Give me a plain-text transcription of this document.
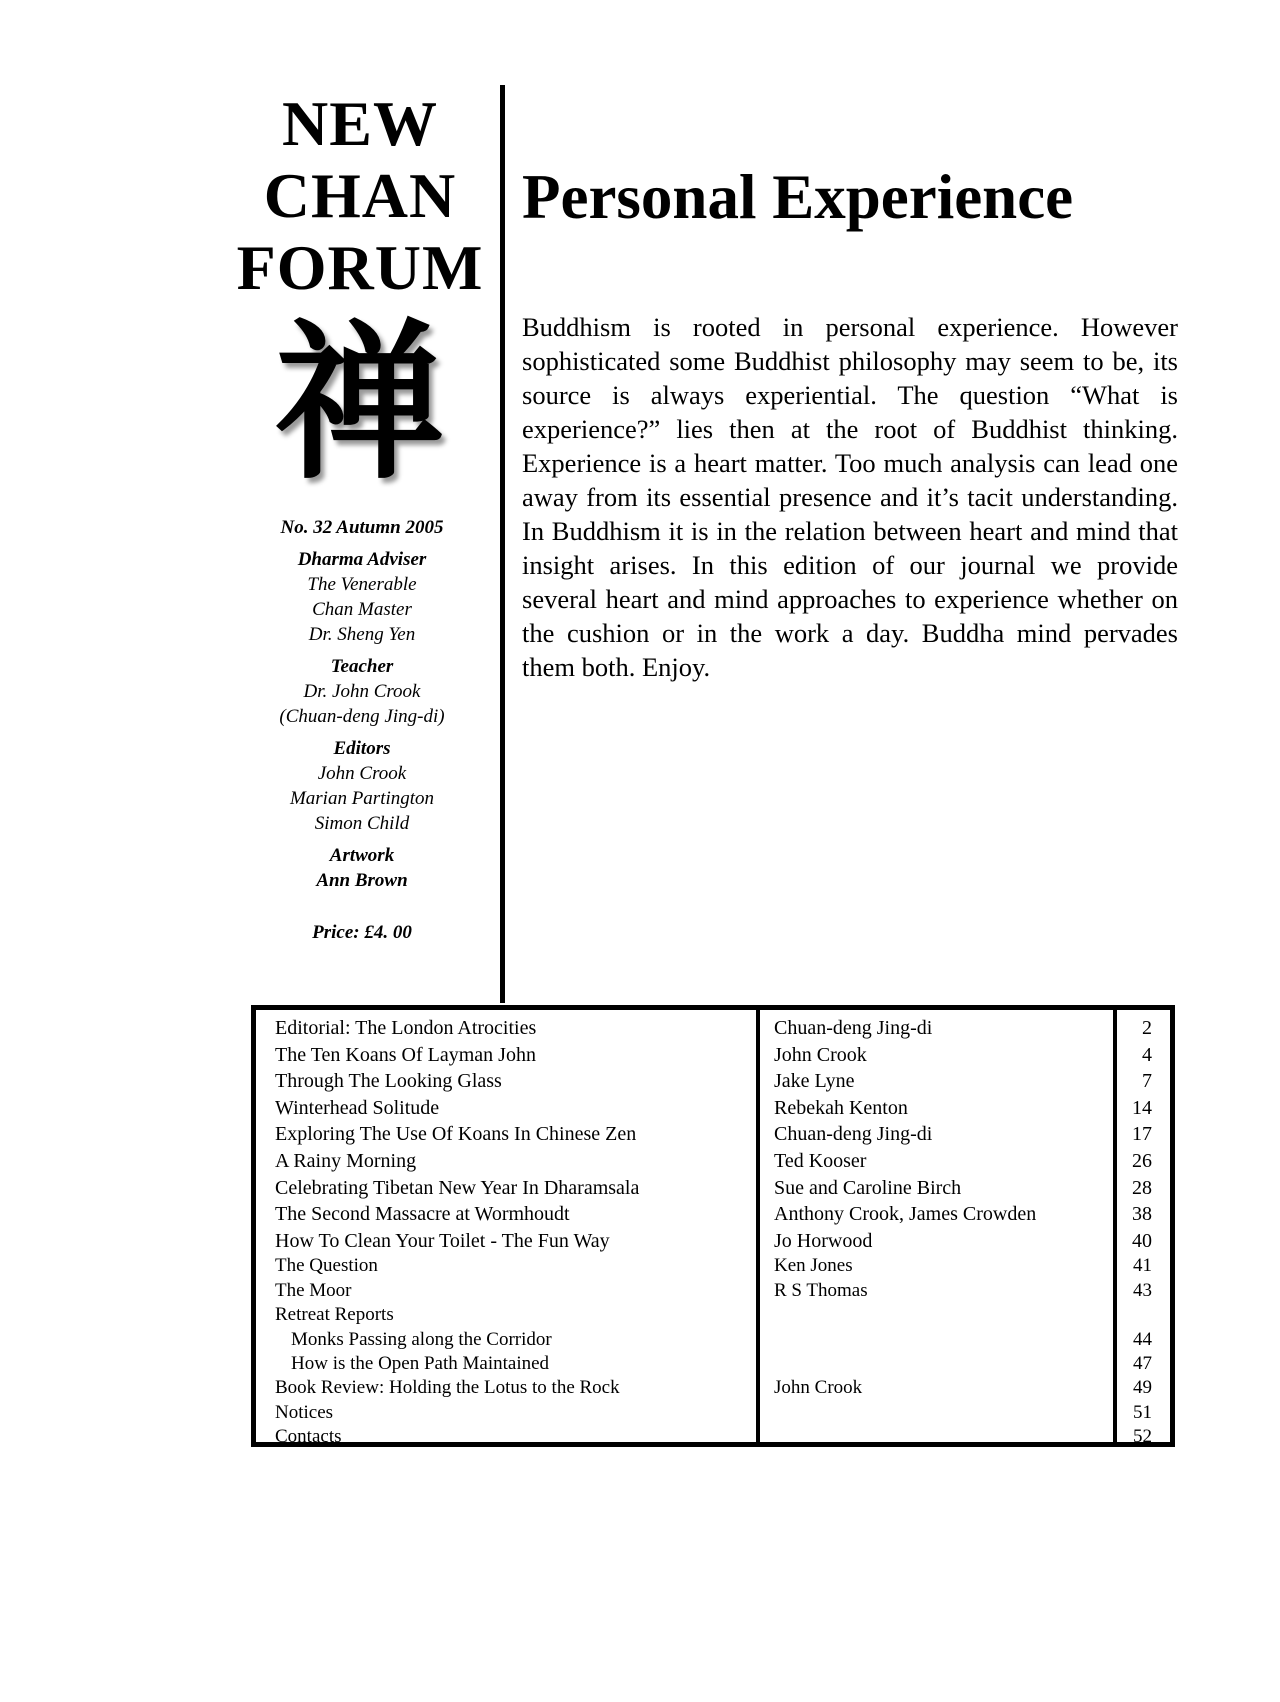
NEW
CHAN
FORUM
禅
No. 32 Autumn 2005
Dharma Adviser
The Venerable
Chan Master
Dr. Sheng Yen
Teacher
Dr. John Crook
(Chuan-deng Jing-di)
Editors
John Crook
Marian Partington
Simon Child
Artwork
Ann Brown
Price: £4. 00
Personal Experience
Buddhism is rooted in personal experience. However sophisticated some Buddhist philosophy may seem to be, its source is always experiential. The question “What is experience?” lies then at the root of Buddhist thinking. Experience is a heart matter. Too much analysis can lead one away from its essential presence and it’s tacit understanding. In Buddhism it is in the relation between heart and mind that insight arises. In this edition of our journal we provide several heart and mind approaches to experience whether on the cushion or in the work a day. Buddha mind pervades them both. Enjoy.
Editorial: The London Atrocities	Chuan-deng Jing-di	2
The Ten Koans Of Layman John	John Crook	4
Through The Looking Glass	Jake Lyne	7
Winterhead Solitude	Rebekah Kenton	14
Exploring The Use Of Koans In Chinese Zen	Chuan-deng Jing-di	17
A Rainy Morning	Ted Kooser	26
Celebrating Tibetan New Year In Dharamsala	Sue and Caroline Birch	28
The Second Massacre at Wormhoudt	Anthony Crook, James Crowden	38
How To Clean Your Toilet - The Fun Way	Jo Horwood	40
The Question	Ken Jones	41
The Moor	R S Thomas	43
Retreat Reports
Monks Passing along the Corridor	44
How is the Open Path Maintained	47
Book Review: Holding the Lotus to the Rock	John Crook	49
Notices	51
Contacts	52
